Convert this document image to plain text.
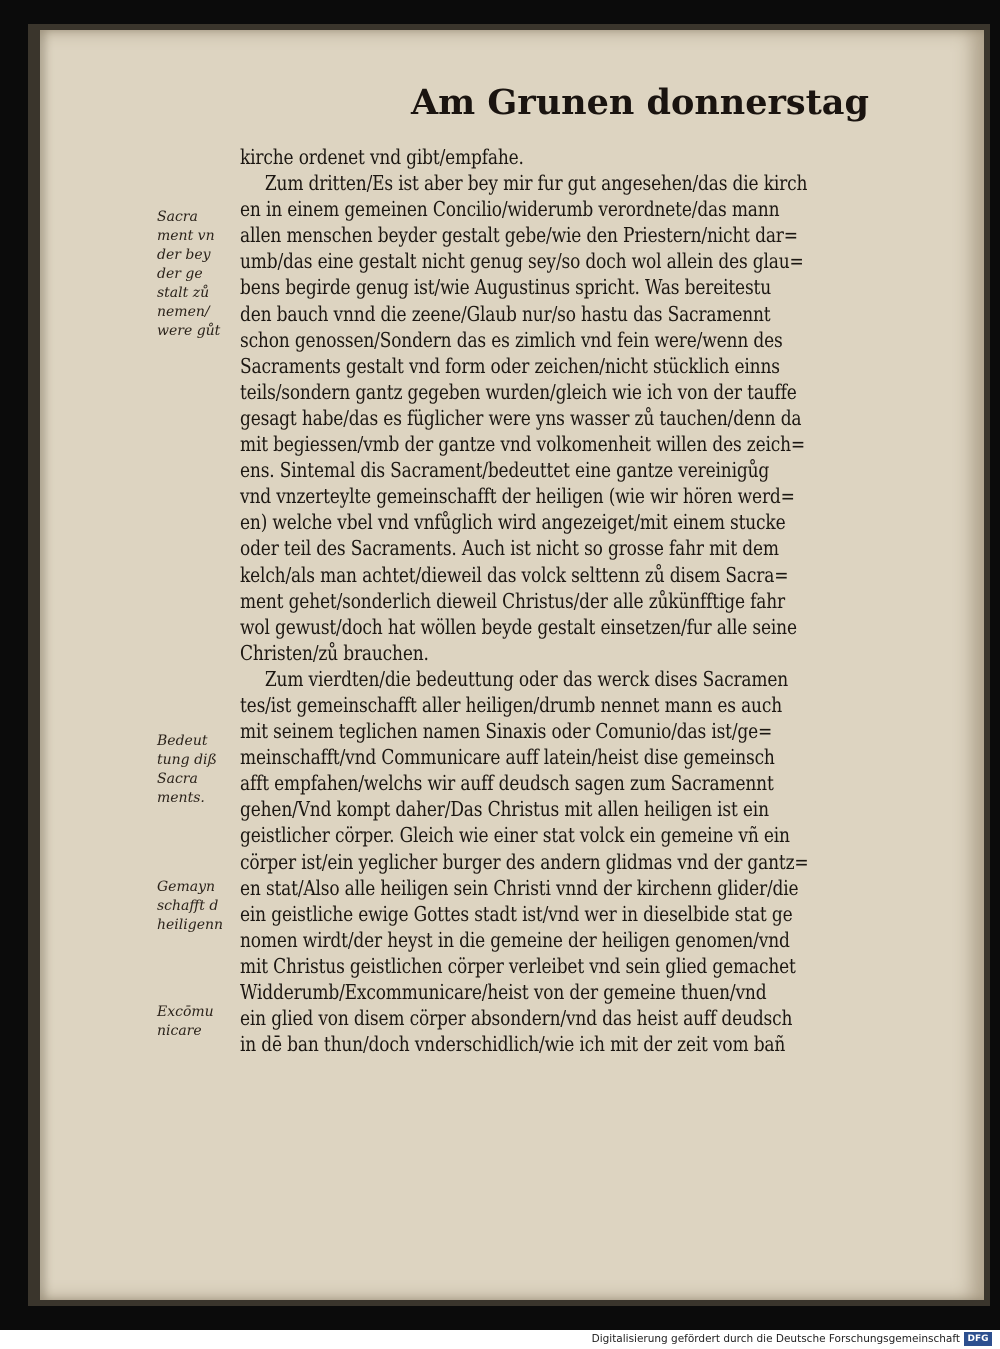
Am Grunen donnerstag
kirche ordenet vnd gibt/empfahe.
Zum dritten/Es ist aber bey mir fur gut angesehen/das die kirch
en in einem gemeinen Concilio/widerumb verordnete/das mann
allen menschen beyder gestalt gebe/wie den Priestern/nicht dar=
umb/das eine gestalt nicht genug sey/so doch wol allein des glau=
bens begirde genug ist/wie Augustinus spricht. Was bereitestu
den bauch vnnd die zeene/Glaub nur/so hastu das Sacramennt
schon genossen/Sondern das es zimlich vnd fein were/wenn des
Sacraments gestalt vnd form oder zeichen/nicht stücklich einns
teils/sondern gantz gegeben wurden/gleich wie ich von der tauffe
gesagt habe/das es füglicher were yns wasser zů tauchen/denn da
mit begiessen/vmb der gantze vnd volkomenheit willen des zeich=
ens. Sintemal dis Sacrament/bedeuttet eine gantze vereinigůg
vnd vnzerteylte gemeinschafft der heiligen (wie wir hören werd=
en) welche vbel vnd vnfůglich wird angezeiget/mit einem stucke
oder teil des Sacraments. Auch ist nicht so grosse fahr mit dem
kelch/als man achtet/dieweil das volck selttenn zů disem Sacra=
ment gehet/sonderlich dieweil Christus/der alle zůkünfftige fahr
wol gewust/doch hat wöllen beyde gestalt einsetzen/fur alle seine
Christen/zů brauchen.
Zum vierdten/die bedeuttung oder das werck dises Sacramen
tes/ist gemeinschafft aller heiligen/drumb nennet mann es auch
mit seinem teglichen namen Sinaxis oder Comunio/das ist/ge=
meinschafft/vnd Communicare auff latein/heist dise gemeinsch
afft empfahen/welchs wir auff deudsch sagen zum Sacramennt
gehen/Vnd kompt daher/Das Christus mit allen heiligen ist ein
geistlicher cörper. Gleich wie einer stat volck ein gemeine vñ ein
cörper ist/ein yeglicher burger des andern glidmas vnd der gantz=
en stat/Also alle heiligen sein Christi vnnd der kirchenn glider/die
ein geistliche ewige Gottes stadt ist/vnd wer in dieselbide stat ge
nomen wirdt/der heyst in die gemeine der heiligen genomen/vnd
mit Christus geistlichen cörper verleibet vnd sein glied gemachet
Widderumb/Excommunicare/heist von der gemeine thuen/vnd
ein glied von disem cörper absondern/vnd das heist auff deudsch
in dē ban thun/doch vnderschidlich/wie ich mit der zeit vom bañ
Sacra
ment vn
der bey
der ge
stalt zů
nemen/
were gůt
Bedeut
tung diß
Sacra
ments.
Gemayn
schafft d
heiligenn
Excōmu
nicare
Digitalisierung gefördert durch die Deutsche Forschungsgemeinschaft DFG
